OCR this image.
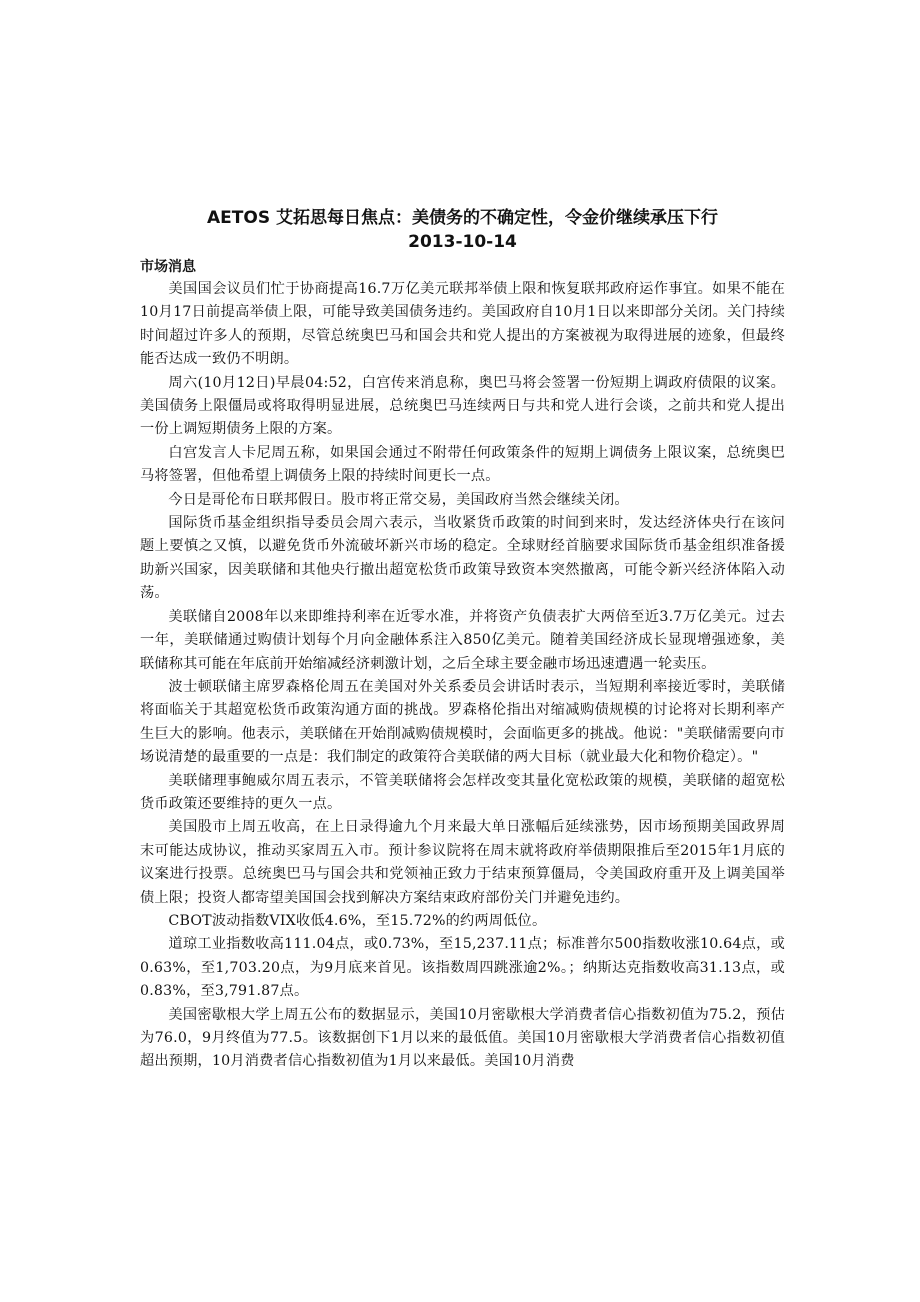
AETOS 艾拓思每日焦点：美债务的不确定性，令金价继续承压下行
2013-10-14
市场消息

美国国会议员们忙于协商提高16.7万亿美元联邦举债上限和恢复联邦政府运作事宜。如果不能在10月17日前提高举债上限，可能导致美国债务违约。美国政府自10月1日以来即部分关闭。关门持续时间超过许多人的预期，尽管总统奥巴马和国会共和党人提出的方案被视为取得进展的迹象，但最终能否达成一致仍不明朗。

周六(10月12日)早晨04:52，白宫传来消息称，奥巴马将会签署一份短期上调政府债限的议案。美国债务上限僵局或将取得明显进展，总统奥巴马连续两日与共和党人进行会谈，之前共和党人提出一份上调短期债务上限的方案。

白宫发言人卡尼周五称，如果国会通过不附带任何政策条件的短期上调债务上限议案，总统奥巴马将签署，但他希望上调债务上限的持续时间更长一点。

今日是哥伦布日联邦假日。股市将正常交易，美国政府当然会继续关闭。

国际货币基金组织指导委员会周六表示，当收紧货币政策的时间到来时，发达经济体央行在该问题上要慎之又慎，以避免货币外流破坏新兴市场的稳定。全球财经首脑要求国际货币基金组织准备援助新兴国家，因美联储和其他央行撤出超宽松货币政策导致资本突然撤离，可能令新兴经济体陷入动荡。

美联储自2008年以来即维持利率在近零水准，并将资产负债表扩大两倍至近3.7万亿美元。过去一年，美联储通过购债计划每个月向金融体系注入850亿美元。随着美国经济成长显现增强迹象，美联储称其可能在年底前开始缩减经济刺激计划，之后全球主要金融市场迅速遭遇一轮卖压。

波士顿联储主席罗森格伦周五在美国对外关系委员会讲话时表示，当短期利率接近零时，美联储将面临关于其超宽松货币政策沟通方面的挑战。罗森格伦指出对缩减购债规模的讨论将对长期利率产生巨大的影响。他表示，美联储在开始削减购债规模时，会面临更多的挑战。他说："美联储需要向市场说清楚的最重要的一点是：我们制定的政策符合美联储的两大目标（就业最大化和物价稳定）。"

美联储理事鲍威尔周五表示，不管美联储将会怎样改变其量化宽松政策的规模，美联储的超宽松货币政策还要维持的更久一点。

美国股市上周五收高，在上日录得逾九个月来最大单日涨幅后延续涨势，因市场预期美国政界周末可能达成协议，推动买家周五入市。预计参议院将在周末就将政府举债期限推后至2015年1月底的议案进行投票。总统奥巴马与国会共和党领袖正致力于结束预算僵局，令美国政府重开及上调美国举债上限；投资人都寄望美国国会找到解决方案结束政府部份关门并避免违约。

CBOT波动指数VIX收低4.6%，至15.72%的约两周低位。

道琼工业指数收高111.04点，或0.73%，至15,237.11点；标准普尔500指数收涨10.64点，或0.63%，至1,703.20点，为9月底来首见。该指数周四跳涨逾2%。；纳斯达克指数收高31.13点，或0.83%，至3,791.87点。

美国密歇根大学上周五公布的数据显示，美国10月密歇根大学消费者信心指数初值为75.2，预估为76.0，9月终值为77.5。该数据创下1月以来的最低值。美国10月密歇根大学消费者信心指数初值超出预期，10月消费者信心指数初值为1月以来最低。美国10月消费
